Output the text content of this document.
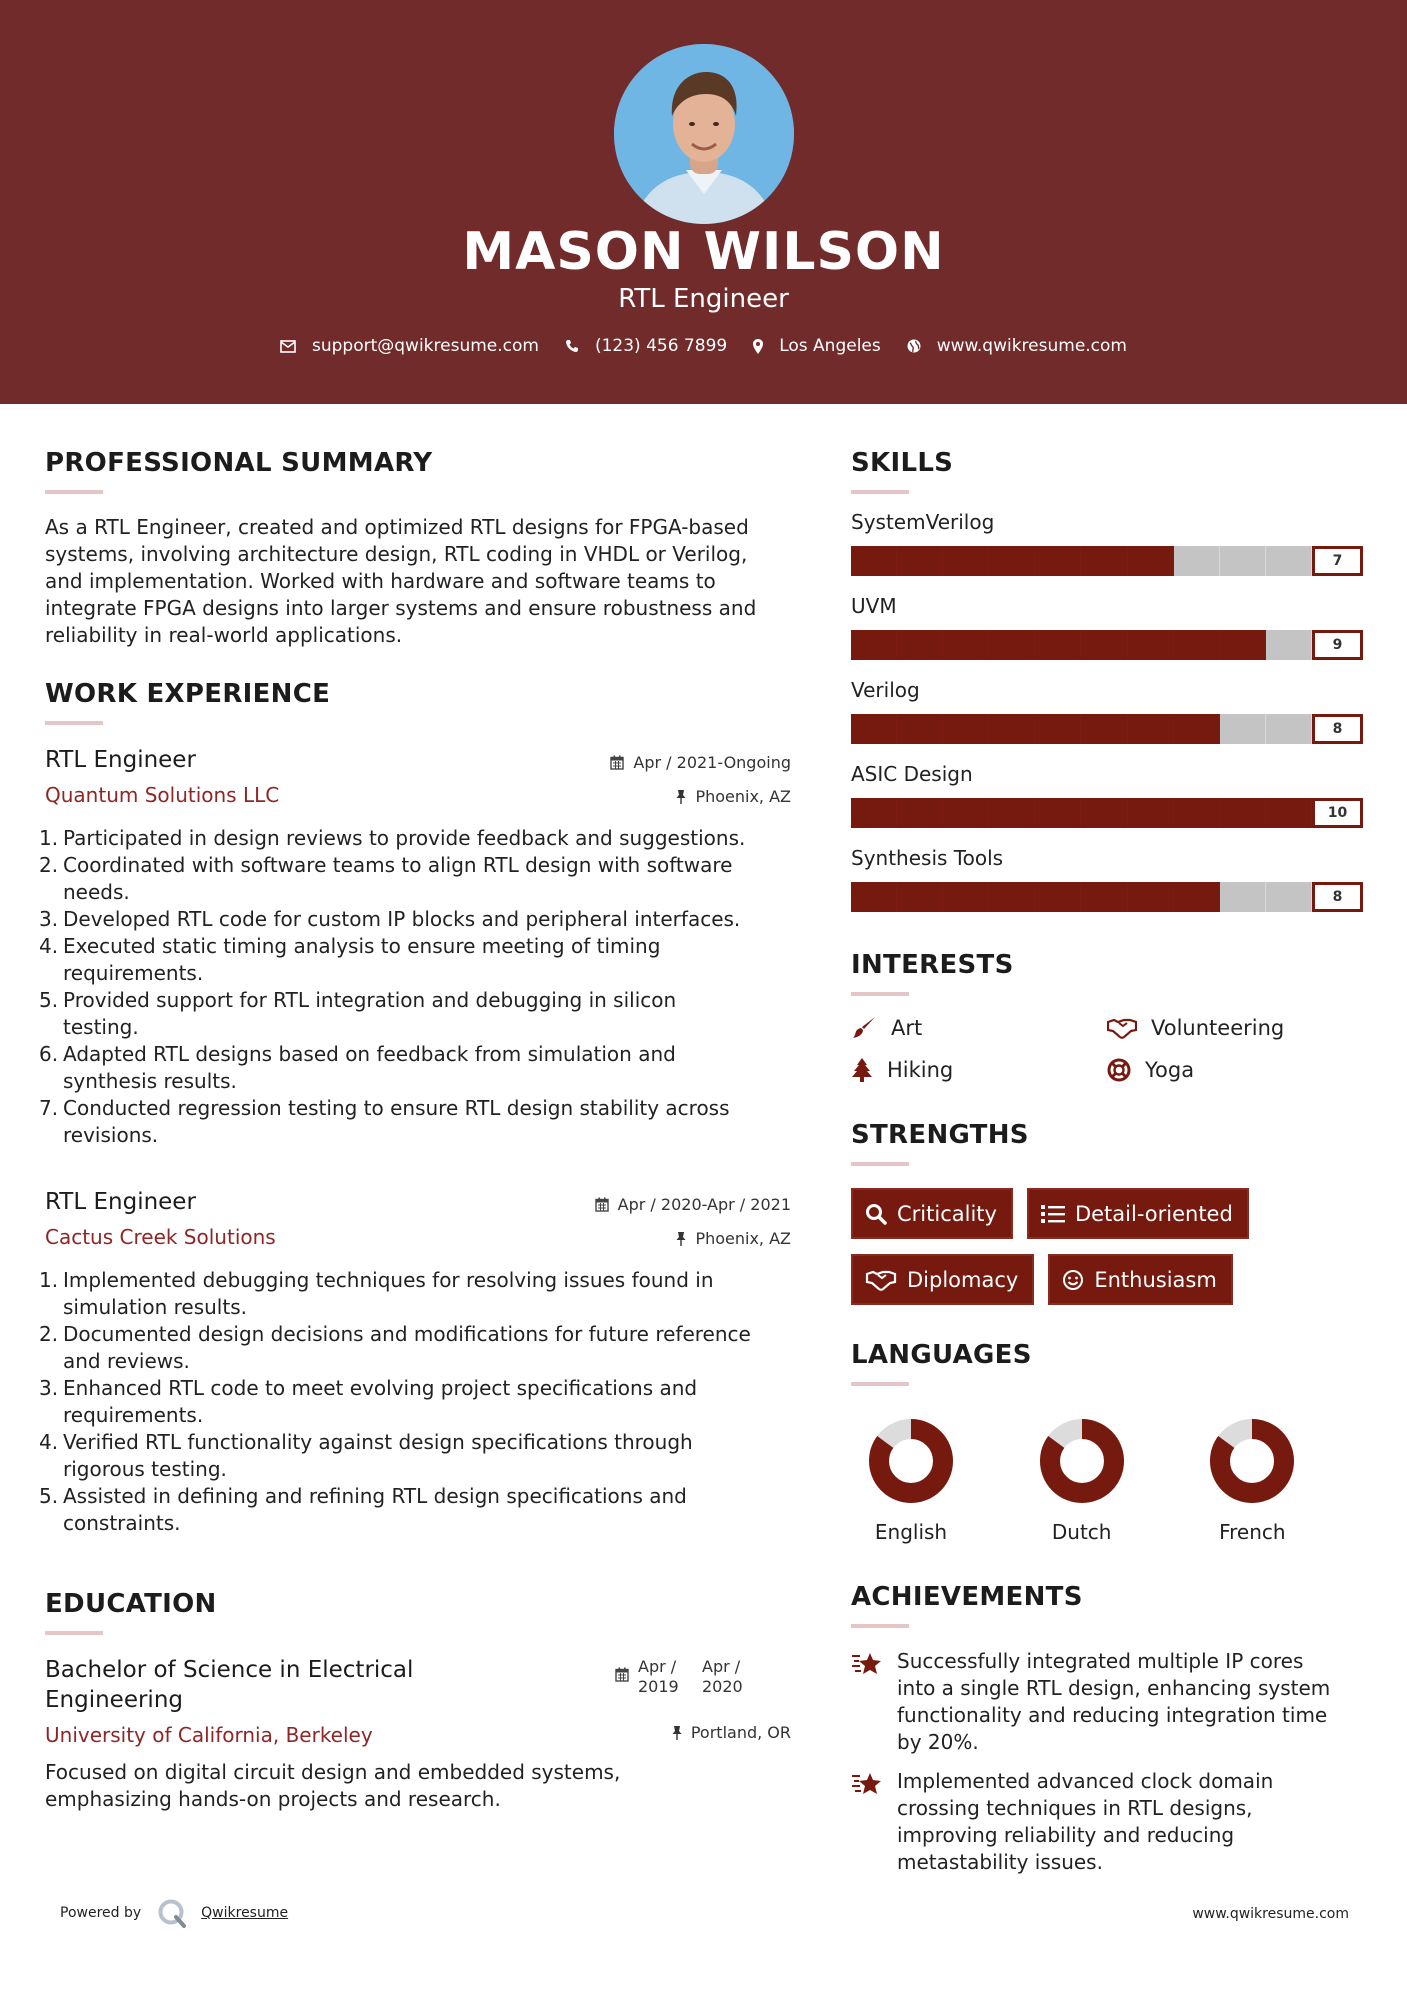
MASON WILSON
RTL Engineer
support@qwikresume.com	(123) 456 7899	Los Angeles	www.qwikresume.com
PROFESSIONAL SUMMARY
As a RTL Engineer, created and optimized RTL designs for FPGA-based
systems, involving architecture design, RTL coding in VHDL or Verilog,
and implementation. Worked with hardware and software teams to
integrate FPGA designs into larger systems and ensure robustness and
reliability in real-world applications.
WORK EXPERIENCE
RTL Engineer
Quantum Solutions LLC
Apr / 2021-Ongoing
Phoenix, AZ
1. Participated in design reviews to provide feedback and suggestions.
2. Coordinated with software teams to align RTL design with software
needs.
3. Developed RTL code for custom IP blocks and peripheral interfaces.
4. Executed static timing analysis to ensure meeting of timing
requirements.
5. Provided support for RTL integration and debugging in silicon
testing.
6. Adapted RTL designs based on feedback from simulation and
synthesis results.
7. Conducted regression testing to ensure RTL design stability across
revisions.
RTL Engineer
Cactus Creek Solutions
Apr / 2020-Apr / 2021
Phoenix, AZ
1. Implemented debugging techniques for resolving issues found in
simulation results.
2. Documented design decisions and modifications for future reference
and reviews.
3. Enhanced RTL code to meet evolving project specifications and
requirements.
4. Verified RTL functionality against design specifications through
rigorous testing.
5. Assisted in defining and refining RTL design specifications and
constraints.
EDUCATION
Bachelor of Science in Electrical
Engineering
University of California, Berkeley
Apr /
2019
Apr /
2020
Portland, OR
Focused on digital circuit design and embedded systems,
emphasizing hands-on projects and research.
SKILLS
SystemVerilog
7
UVM
9
Verilog
8
ASIC Design
10
Synthesis Tools
8
INTERESTS
Art	Volunteering
Hiking	Yoga
STRENGTHS
Criticality	Detail-oriented
Diplomacy	Enthusiasm
LANGUAGES
English	Dutch	French
ACHIEVEMENTS
Successfully integrated multiple IP cores
into a single RTL design, enhancing system
functionality and reducing integration time
by 20%.
Implemented advanced clock domain
crossing techniques in RTL designs,
improving reliability and reducing
metastability issues.
Powered by	Qwikresume	www.qwikresume.com
